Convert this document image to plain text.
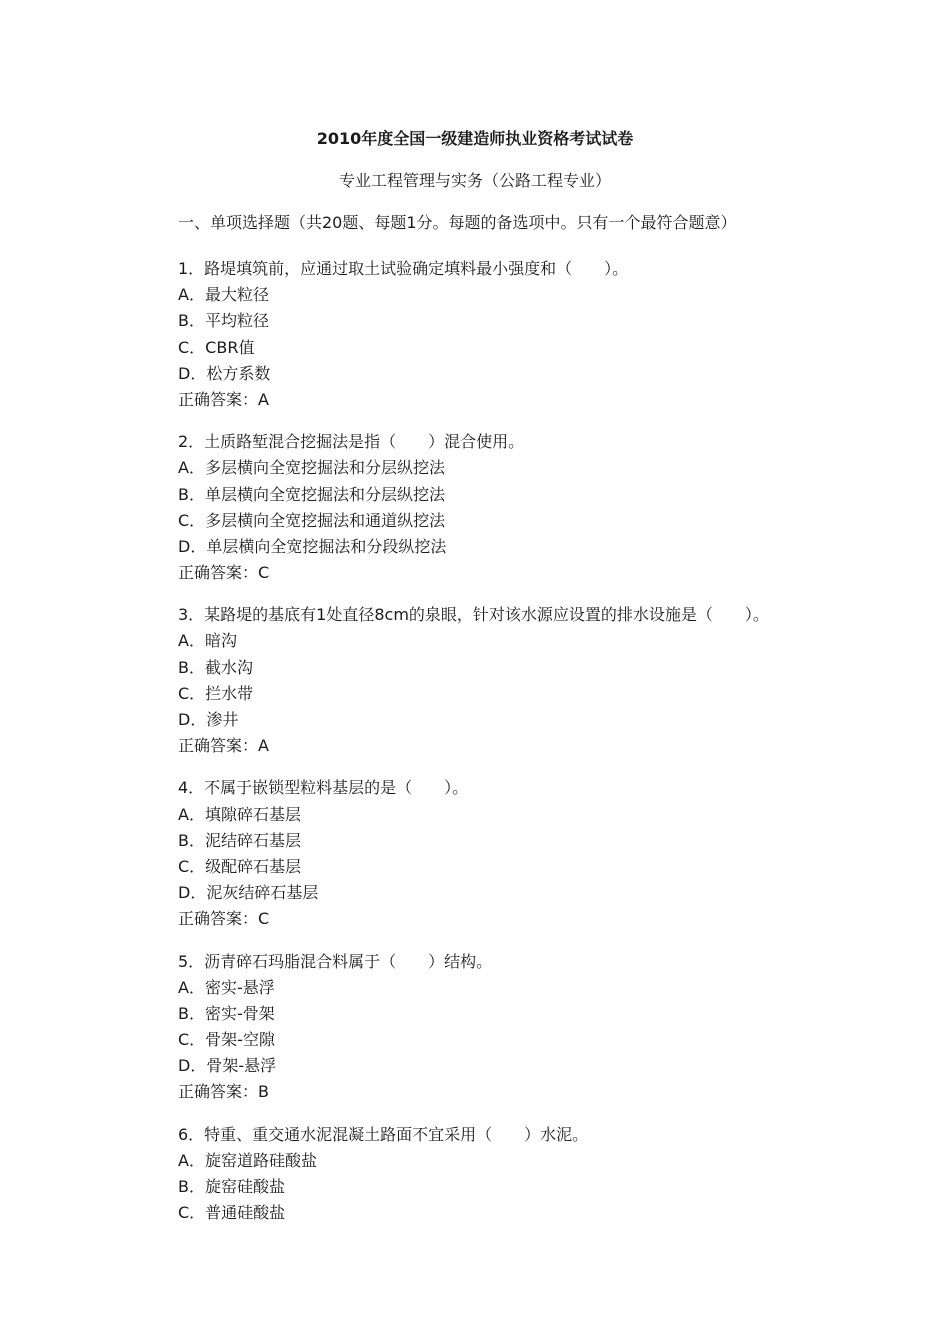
2010年度全国一级建造师执业资格考试试卷
专业工程管理与实务（公路工程专业）
一、单项选择题（共20题、每题1分。每题的备选项中。只有一个最符合题意）
1．路堤填筑前，应通过取土试验确定填料最小强度和（　　）。
A．最大粒径
B．平均粒径
C．CBR值
D．松方系数
正确答案：A
2．土质路堑混合挖掘法是指（　　）混合使用。
A．多层横向全宽挖掘法和分层纵挖法
B．单层横向全宽挖掘法和分层纵挖法
C．多层横向全宽挖掘法和通道纵挖法
D．单层横向全宽挖掘法和分段纵挖法
正确答案：C
3．某路堤的基底有1处直径8cm的泉眼，针对该水源应设置的排水设施是（　　）。
A．暗沟
B．截水沟
C．拦水带
D．渗井
正确答案：A
4．不属于嵌锁型粒料基层的是（　　）。
A．填隙碎石基层
B．泥结碎石基层
C．级配碎石基层
D．泥灰结碎石基层
正确答案：C
5．沥青碎石玛脂混合料属于（　　）结构。
A．密实-悬浮
B．密实-骨架
C．骨架-空隙
D．骨架-悬浮
正确答案：B
6．特重、重交通水泥混凝土路面不宜采用（　　）水泥。
A．旋窑道路硅酸盐
B．旋窑硅酸盐
C．普通硅酸盐
